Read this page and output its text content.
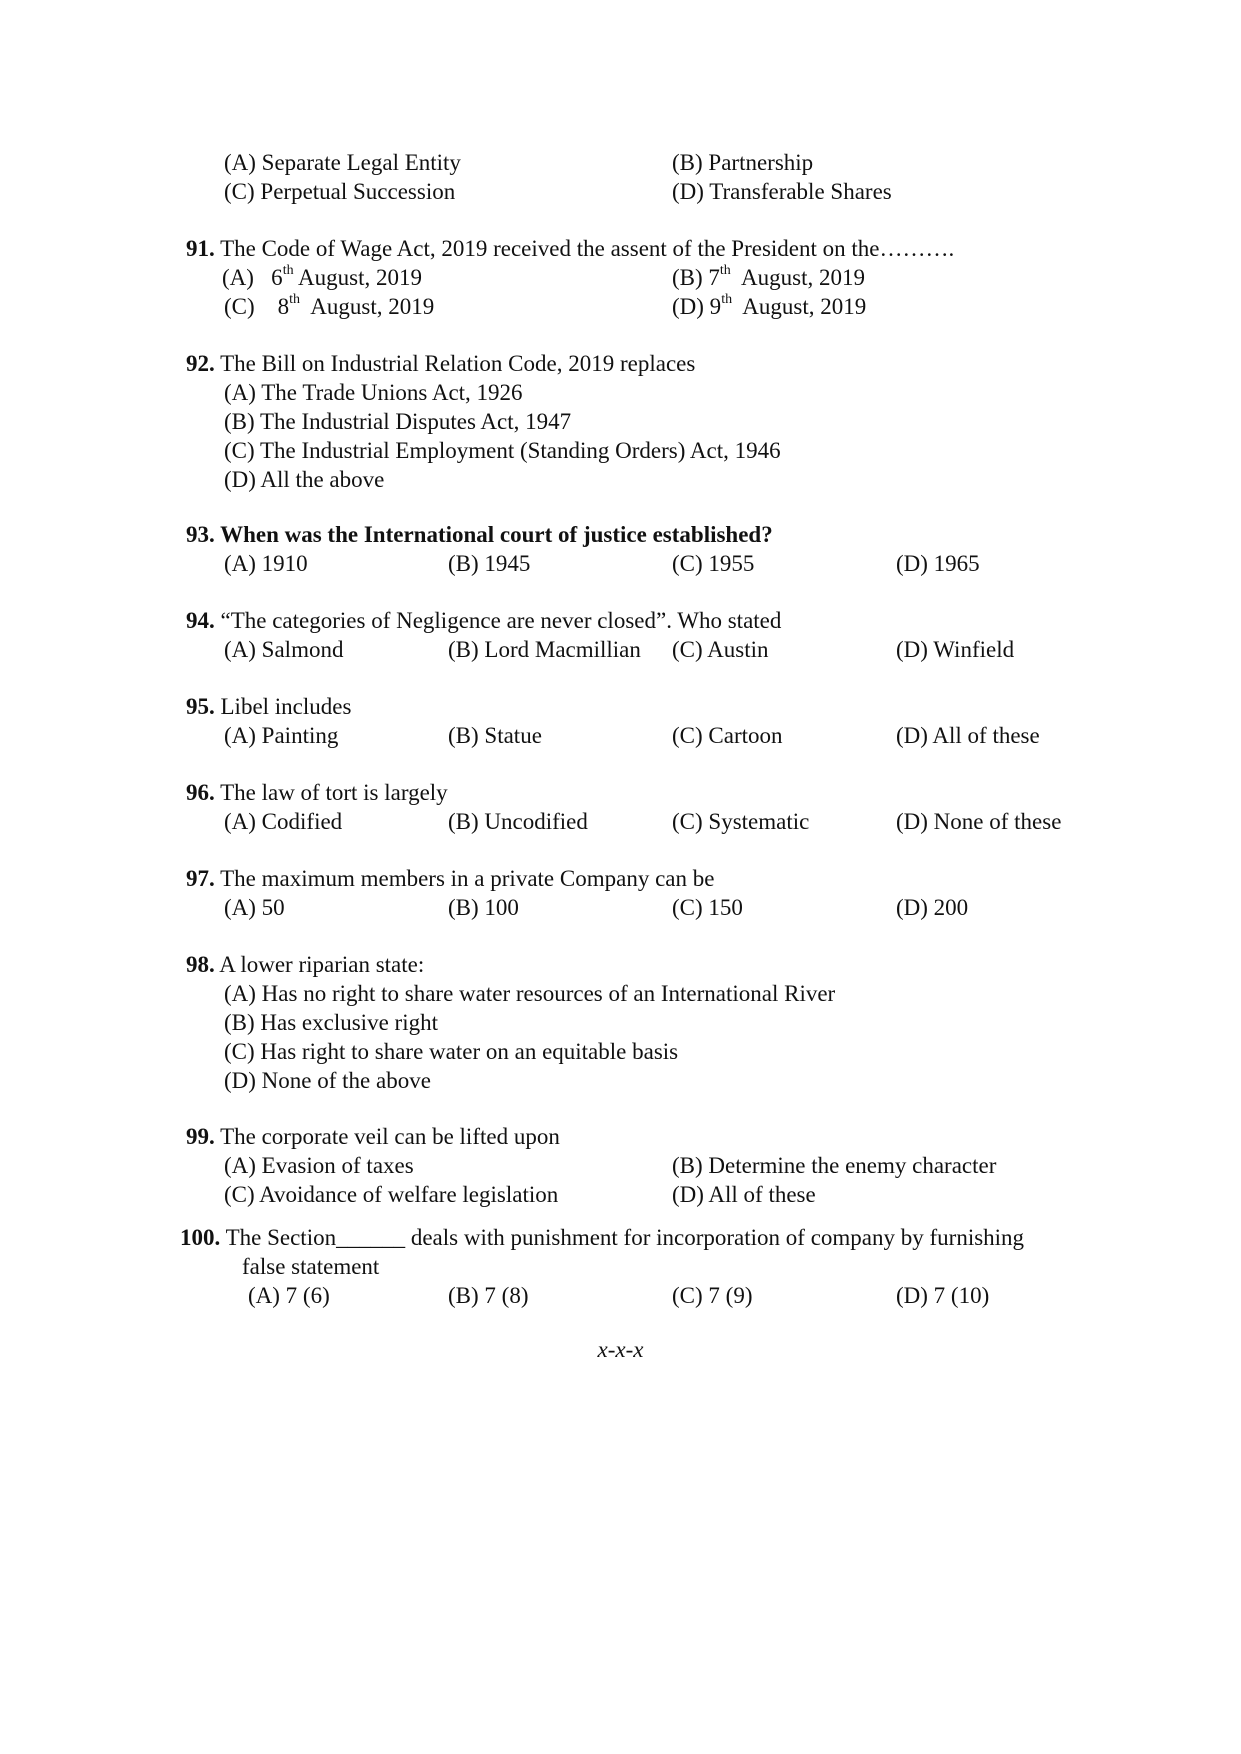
(A) Separate Legal Entity	(B) Partnership
(C) Perpetual Succession	(D) Transferable Shares
91. The Code of Wage Act, 2019 received the assent of the President on the……….
(A)   6th August, 2019	(B) 7th  August, 2019
(C)    8th  August, 2019	(D) 9th  August, 2019
92. The Bill on Industrial Relation Code, 2019 replaces
(A) The Trade Unions Act, 1926
(B) The Industrial Disputes Act, 1947
(C) The Industrial Employment (Standing Orders) Act, 1946
(D) All the above
93. When was the International court of justice established?
(A) 1910	(B) 1945	(C) 1955	(D) 1965
94. “The categories of Negligence are never closed”. Who stated
(A) Salmond	(B) Lord Macmillian (C) Austin	(D) Winfield
95. Libel includes
(A) Painting	(B) Statue	(C) Cartoon	(D) All of these
96. The law of tort is largely
(A) Codified	(B) Uncodified	(C) Systematic	(D) None of these
97. The maximum members in a private Company can be
(A) 50	(B) 100	(C) 150	(D) 200
98. A lower riparian state:
(A) Has no right to share water resources of an International River
(B) Has exclusive right
(C) Has right to share water on an equitable basis
(D) None of the above
99. The corporate veil can be lifted upon
(A) Evasion of taxes	(B) Determine the enemy character
(C) Avoidance of welfare legislation	(D) All of these
100. The Section______ deals with punishment for incorporation of company by furnishing
false statement
(A) 7 (6)	(B) 7 (8)	(C) 7 (9)	(D) 7 (10)
x-x-x
